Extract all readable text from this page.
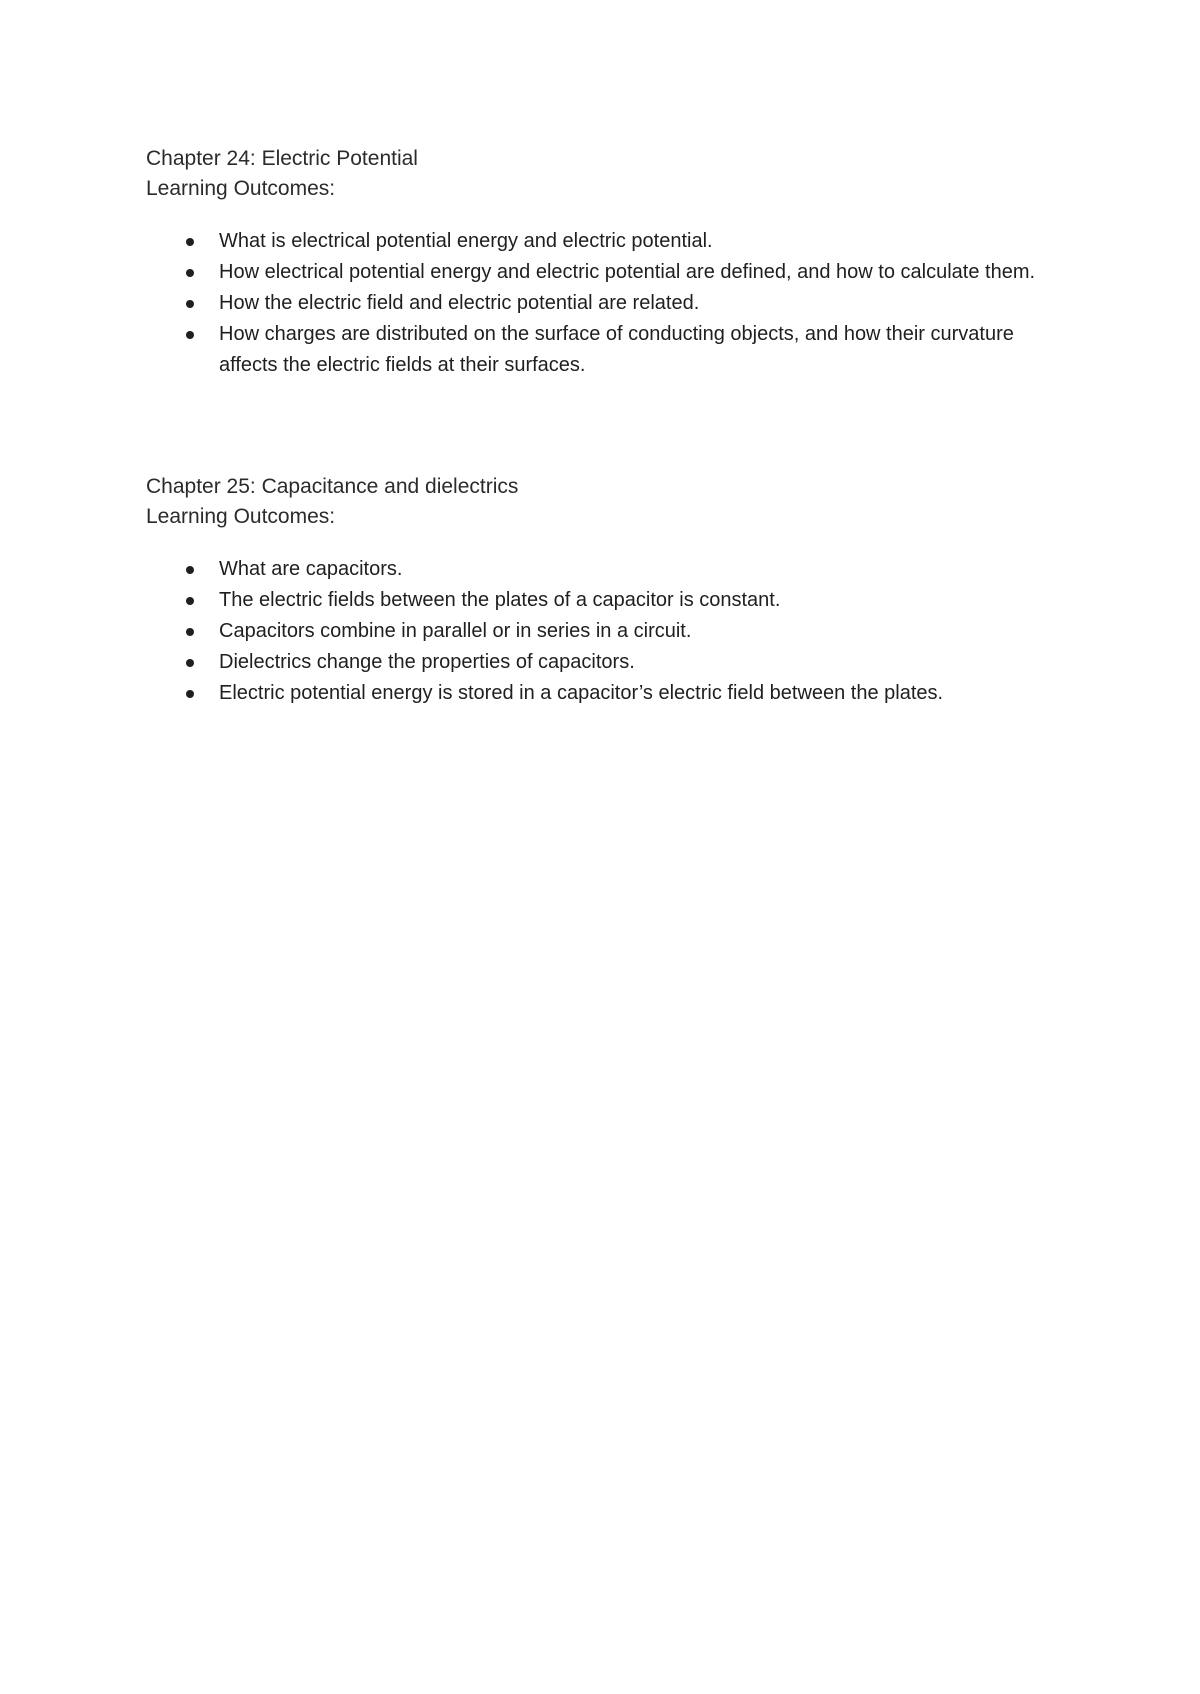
Chapter 24: Electric Potential
Learning Outcomes:
What is electrical potential energy and electric potential.
How electrical potential energy and electric potential are defined, and how to calculate them.
How the electric field and electric potential are related.
How charges are distributed on the surface of conducting objects, and how their curvature affects the electric fields at their surfaces.
Chapter 25: Capacitance and dielectrics
Learning Outcomes:
What are capacitors.
The electric fields between the plates of a capacitor is constant.
Capacitors combine in parallel or in series in a circuit.
Dielectrics change the properties of capacitors.
Electric potential energy is stored in a capacitor’s electric field between the plates.
